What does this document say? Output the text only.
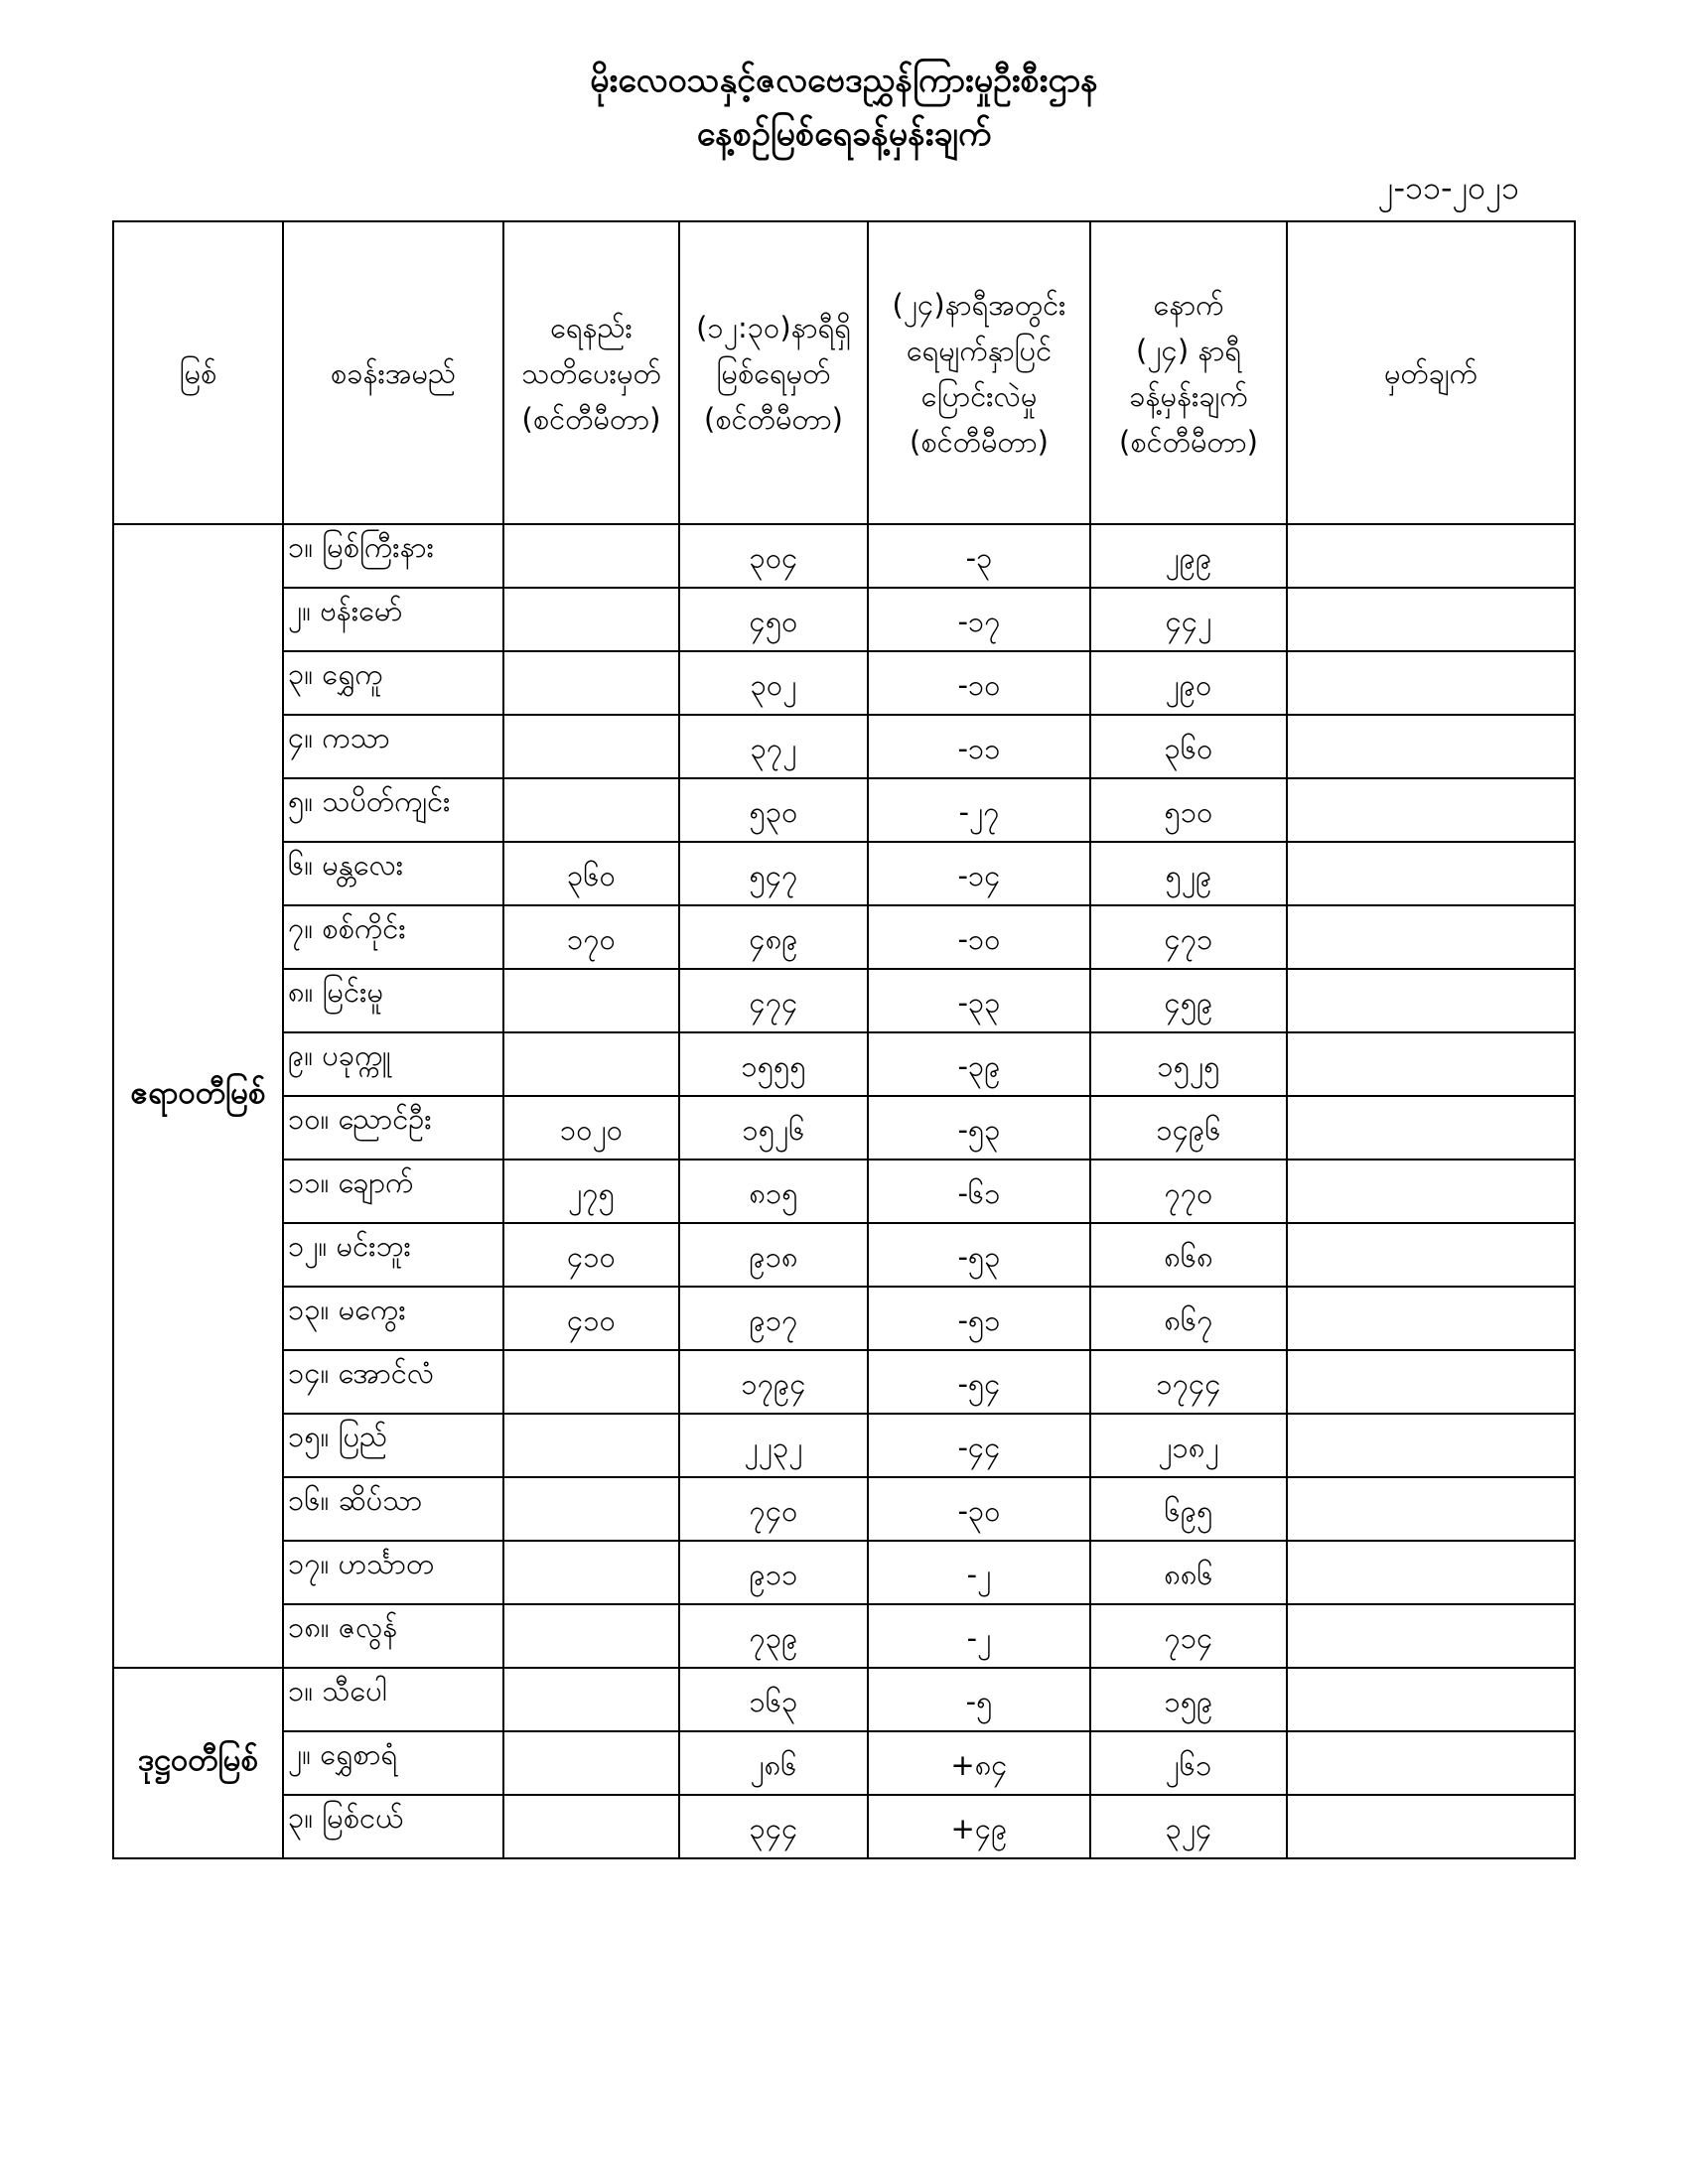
မိုးလေဝသနှင့်ဇလဗေဒညွှန်ကြားမှုဦးစီးဌာန
နေ့စဉ်မြစ်ရေခန့်မှန်းချက်
၂-၁၁-၂၀၂၁
မြစ်	စခန်းအမည်	ရေနည်း
သတိပေးမှတ်
(စင်တီမီတာ)	(၁၂:၃၀)နာရီရှိ
မြစ်ရေမှတ်
(စင်တီမီတာ)	(၂၄)နာရီအတွင်း
ရေမျက်နှာပြင်
ပြောင်းလဲမှု
(စင်တီမီတာ)	နောက်
(၂၄) နာရီ
ခန့်မှန်းချက်
(စင်တီမီတာ)	မှတ်ချက်
ဧရာဝတီမြစ်	၁။ မြစ်ကြီးနား		၃၀၄	-၃	၂၉၉	
	၂။ ဗန်းမော်		၄၅၀	-၁၇	၄၄၂	
	၃။ ရွှေကူ		၃၀၂	-၁၀	၂၉၀	
	၄။ ကသာ		၃၇၂	-၁၁	၃၆၀	
	၅။ သပိတ်ကျင်း		၅၃၀	-၂၇	၅၁၀	
	၆။ မန္တလေး	၃၆၀	၅၄၇	-၁၄	၅၂၉	
	၇။ စစ်ကိုင်း	၁၇၀	၄၈၉	-၁၀	၄၇၁	
	၈။ မြင်းမူ		၄၇၄	-၃၃	၄၅၉	
	၉။ ပခုက္ကူ		၁၅၅၅	-၃၉	၁၅၂၅	
	၁၀။ ညောင်ဦး	၁၀၂၀	၁၅၂၆	-၅၃	၁၄၉၆	
	၁၁။ ချောက်	၂၇၅	၈၁၅	-၆၁	၇၇၀	
	၁၂။ မင်းဘူး	၄၁၀	၉၁၈	-၅၃	၈၆၈	
	၁၃။ မကွေး	၄၁၀	၉၁၇	-၅၁	၈၆၇	
	၁၄။ အောင်လံ		၁၇၉၄	-၅၄	၁၇၄၄	
	၁၅။ ပြည်		၂၂၃၂	-၄၄	၂၁၈၂	
	၁၆။ ဆိပ်သာ		၇၄၀	-၃၀	၆၉၅	
	၁၇။ ဟင်္သာတ		၉၁၁	-၂	၈၈၆	
	၁၈။ ဇလွန်		၇၃၉	-၂	၇၁၄	
ဒုဋ္ဌဝတီမြစ်	၁။ သီပေါ		၁၆၃	-၅	၁၅၉	
	၂။ ရွှေစာရံ		၂၈၆	+၈၄	၂၆၁	
	၃။ မြစ်ငယ်		၃၄၄	+၄၉	၃၂၄	
